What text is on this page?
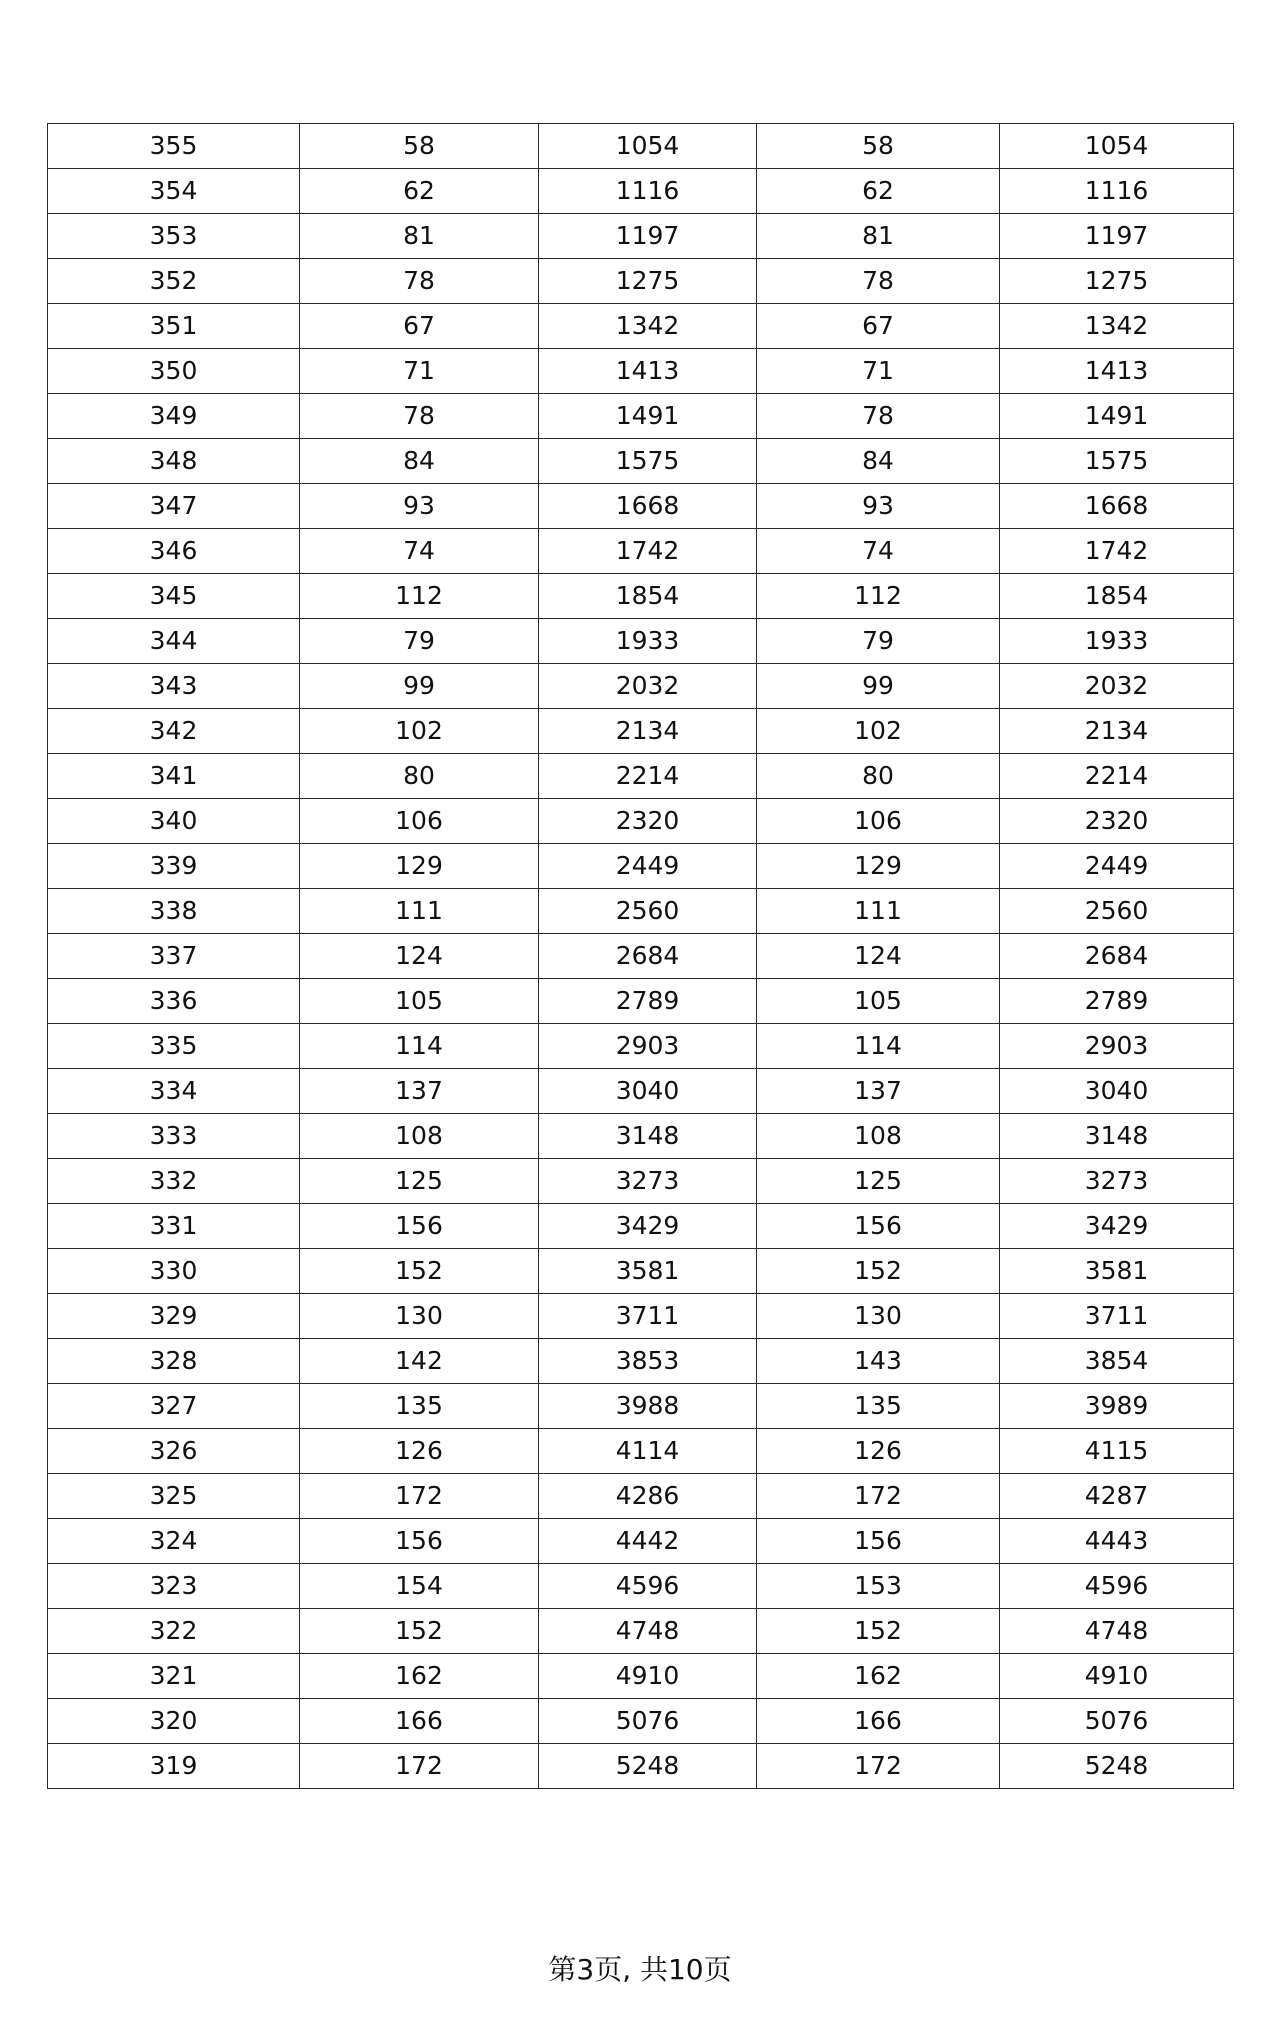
355	58	1054	58	1054
354	62	1116	62	1116
353	81	1197	81	1197
352	78	1275	78	1275
351	67	1342	67	1342
350	71	1413	71	1413
349	78	1491	78	1491
348	84	1575	84	1575
347	93	1668	93	1668
346	74	1742	74	1742
345	112	1854	112	1854
344	79	1933	79	1933
343	99	2032	99	2032
342	102	2134	102	2134
341	80	2214	80	2214
340	106	2320	106	2320
339	129	2449	129	2449
338	111	2560	111	2560
337	124	2684	124	2684
336	105	2789	105	2789
335	114	2903	114	2903
334	137	3040	137	3040
333	108	3148	108	3148
332	125	3273	125	3273
331	156	3429	156	3429
330	152	3581	152	3581
329	130	3711	130	3711
328	142	3853	143	3854
327	135	3988	135	3989
326	126	4114	126	4115
325	172	4286	172	4287
324	156	4442	156	4443
323	154	4596	153	4596
322	152	4748	152	4748
321	162	4910	162	4910
320	166	5076	166	5076
319	172	5248	172	5248
第3页, 共10页
